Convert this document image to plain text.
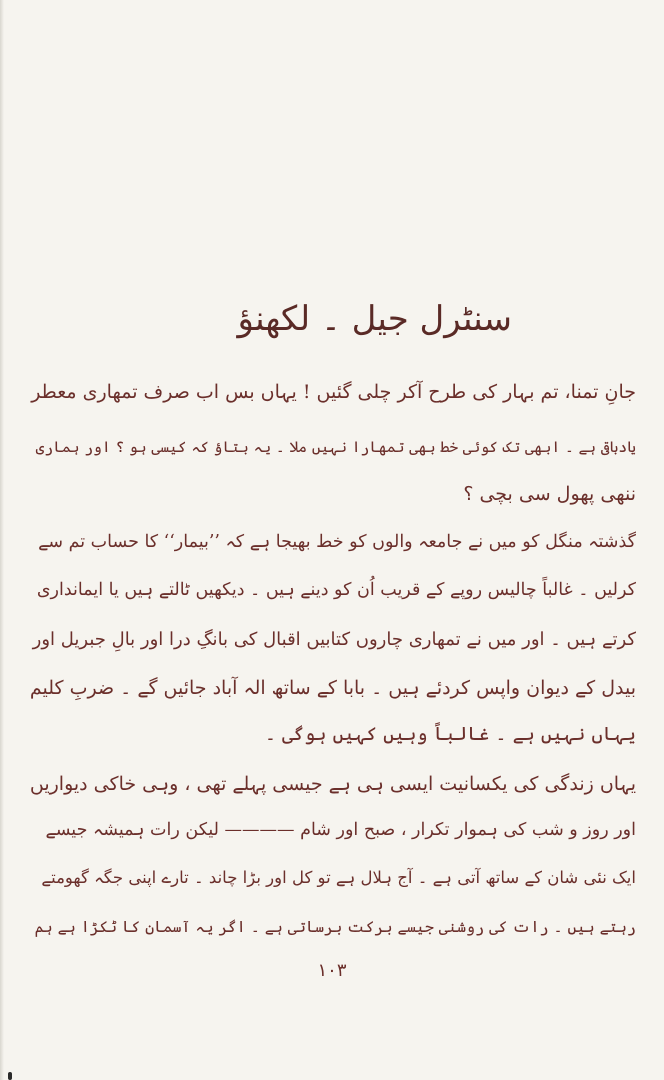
سنٹرل جیل ۔ لکھنؤ
جانِ تمنا، تم بہار کی طرح آکر چلی گئیں ! یہاں بس اب صرف تمھاری معطر
یادباقی ہے ۔ ابھی تک کوئی خط بھی تمھارا نہیں ملا ۔ یہ بتاؤ کہ کیسی ہو ؟ اور ہماری
ننھی پھول سی بچی ؟
گذشتہ منگل کو میں نے جامعہ والوں کو خط بھیجا ہے کہ ’’بیمار‘‘ کا حساب تم سے
کرلیں ۔ غالباً چالیس روپے کے قریب اُن کو دینے ہیں ۔ دیکھیں ٹالتے ہیں یا ایمانداری
کرتے ہیں ۔ اور میں نے تمھاری چاروں کتابیں اقبال کی بانگِ درا اور بالِ جبریل اور
بیدل کے دیوان واپس کردئے ہیں ۔ بابا کے ساتھ الہ آباد جائیں گے ۔ ضربِ کلیم
یہاں نہیں ہے ۔ غالباً وہیں کہیں ہوگی ۔
یہاں زندگی کی یکسانیت ایسی ہی ہے جیسی پہلے تھی ، وہی خاکی دیواریں
اور روز و شب کی ہموار تکرار ، صبح اور شام ———— لیکن رات ہمیشہ جیسے
ایک نئی شان کے ساتھ آتی ہے ۔ آج ہلال ہے تو کل اور بڑا چاند ۔ تارے اپنی جگہ گھومتے
رہتے ہیں ۔ رات کی روشنی جیسے برکت برساتی ہے ۔ اگر یہ آسمان کا ٹکڑا ہے ہم
۱۰۳
